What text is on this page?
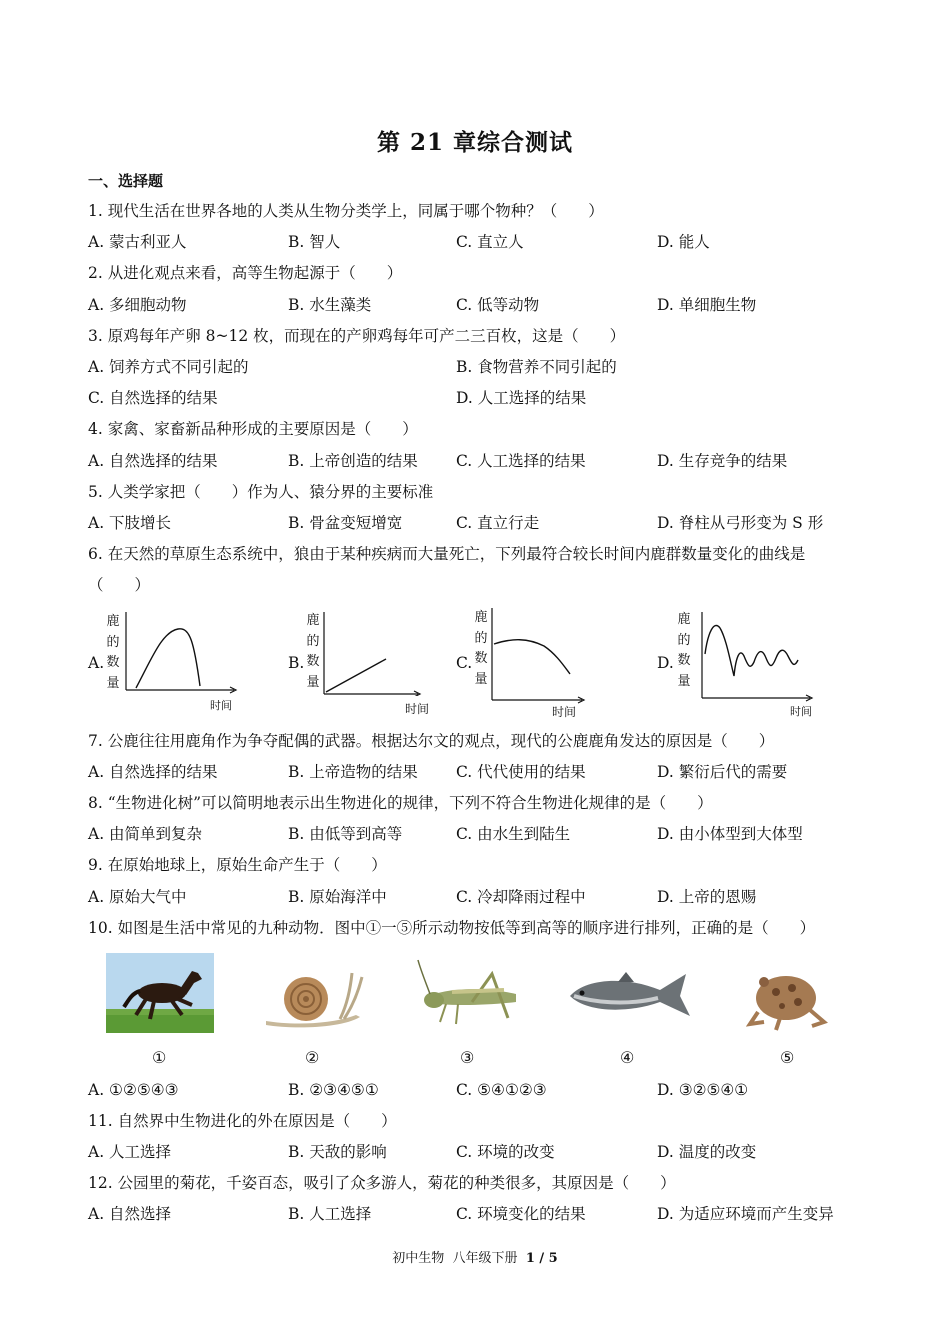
第 21 章综合测试
一、选择题
1. 现代生活在世界各地的人类从生物分类学上，同属于哪个物种？（　　）
A. 蒙古利亚人	B. 智人	C. 直立人	D. 能人
2. 从进化观点来看，高等生物起源于（　　）
A. 多细胞动物	B. 水生藻类	C. 低等动物	D. 单细胞生物
3. 原鸡每年产卵 8~12 枚，而现在的产卵鸡每年可产二三百枚，这是（　　）
A. 饲养方式不同引起的	B. 食物营养不同引起的
C. 自然选择的结果	D. 人工选择的结果
4. 家禽、家畜新品种形成的主要原因是（　　）
A. 自然选择的结果	B. 上帝创造的结果 C. 人工选择的结果	D. 生存竞争的结果
5. 人类学家把（　　）作为人、猿分界的主要标准
A. 下肢增长	B. 骨盆变短增宽	C. 直立行走	D. 脊柱从弓形变为 S 形
6. 在天然的草原生态系统中，狼由于某种疾病而大量死亡，下列最符合较长时间内鹿群数量变化的曲线是
（　　）
A.
鹿
的
数
量
时间
B.
鹿
的
数
量
时间
C.
鹿
的
数
量
时间
D.
鹿
的
数
量
时间
7. 公鹿往往用鹿角作为争夺配偶的武器。根据达尔文的观点，现代的公鹿鹿角发达的原因是（　　）
A. 自然选择的结果	B. 上帝造物的结果 C. 代代使用的结果	D. 繁衍后代的需要
8. “生物进化树”可以简明地表示出生物进化的规律，下列不符合生物进化规律的是（　　）
A. 由简单到复杂	B. 由低等到高等	C. 由水生到陆生	D. 由小体型到大体型
9. 在原始地球上，原始生命产生于（　　）
A. 原始大气中	B. 原始海洋中	C. 冷却降雨过程中	D. 上帝的恩赐
10. 如图是生活中常见的九种动物．图中①一⑤所示动物按低等到高等的顺序进行排列，正确的是（　　）
①	②	③	④	⑤
A. ①②⑤④③	B. ②③④⑤①	C. ⑤④①②③	D. ③②⑤④①
11. 自然界中生物进化的外在原因是（　　）
A. 人工选择	B. 天敌的影响	C. 环境的改变	D. 温度的改变
12. 公园里的菊花，千姿百态，吸引了众多游人，菊花的种类很多，其原因是（　　）
A. 自然选择	B. 人工选择	C. 环境变化的结果	D. 为适应环境而产生变异
初中生物 八年级下册 1 / 5
